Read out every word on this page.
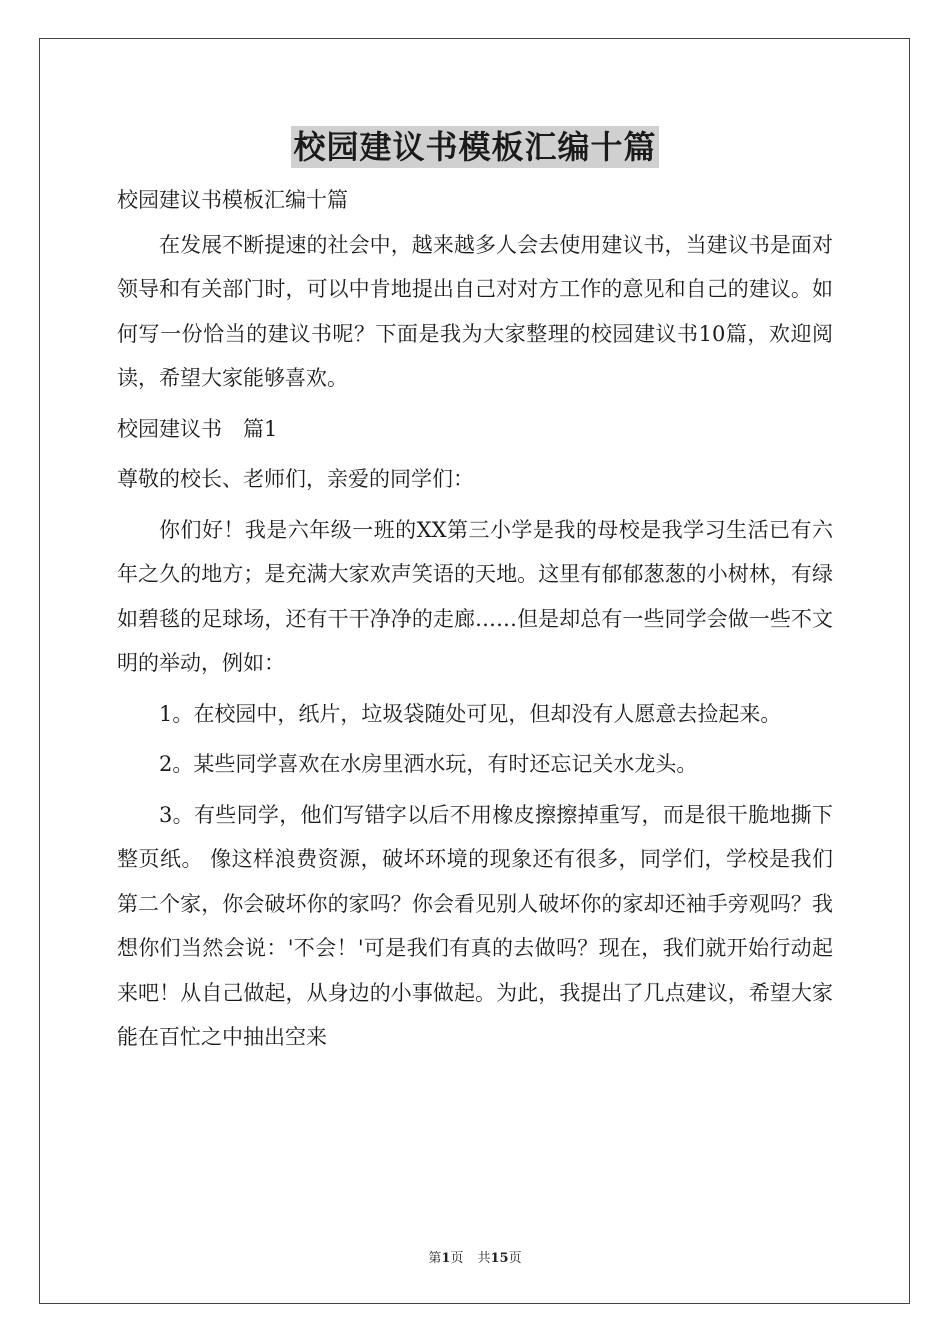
校园建议书模板汇编十篇

校园建议书模板汇编十篇

在发展不断提速的社会中，越来越多人会去使用建议书，当建议书是面对领导和有关部门时，可以中肯地提出自己对对方工作的意见和自己的建议。如何写一份恰当的建议书呢？下面是我为大家整理的校园建议书10篇，欢迎阅读，希望大家能够喜欢。

校园建议书　篇1

尊敬的校长、老师们，亲爱的同学们：

你们好！我是六年级一班的XX第三小学是我的母校是我学习生活已有六年之久的地方；是充满大家欢声笑语的天地。这里有郁郁葱葱的小树林，有绿如碧毯的足球场，还有干干净净的走廊……但是却总有一些同学会做一些不文明的举动，例如：

1。在校园中，纸片，垃圾袋随处可见，但却没有人愿意去捡起来。

2。某些同学喜欢在水房里洒水玩，有时还忘记关水龙头。

3。有些同学，他们写错字以后不用橡皮擦擦掉重写，而是很干脆地撕下整页纸。 像这样浪费资源，破坏环境的现象还有很多，同学们，学校是我们第二个家，你会破坏你的家吗？你会看见别人破坏你的家却还袖手旁观吗？我想你们当然会说：'不会！'可是我们有真的去做吗？现在，我们就开始行动起来吧！从自己做起，从身边的小事做起。为此，我提出了几点建议，希望大家能在百忙之中抽出空来

第1页 共15页
